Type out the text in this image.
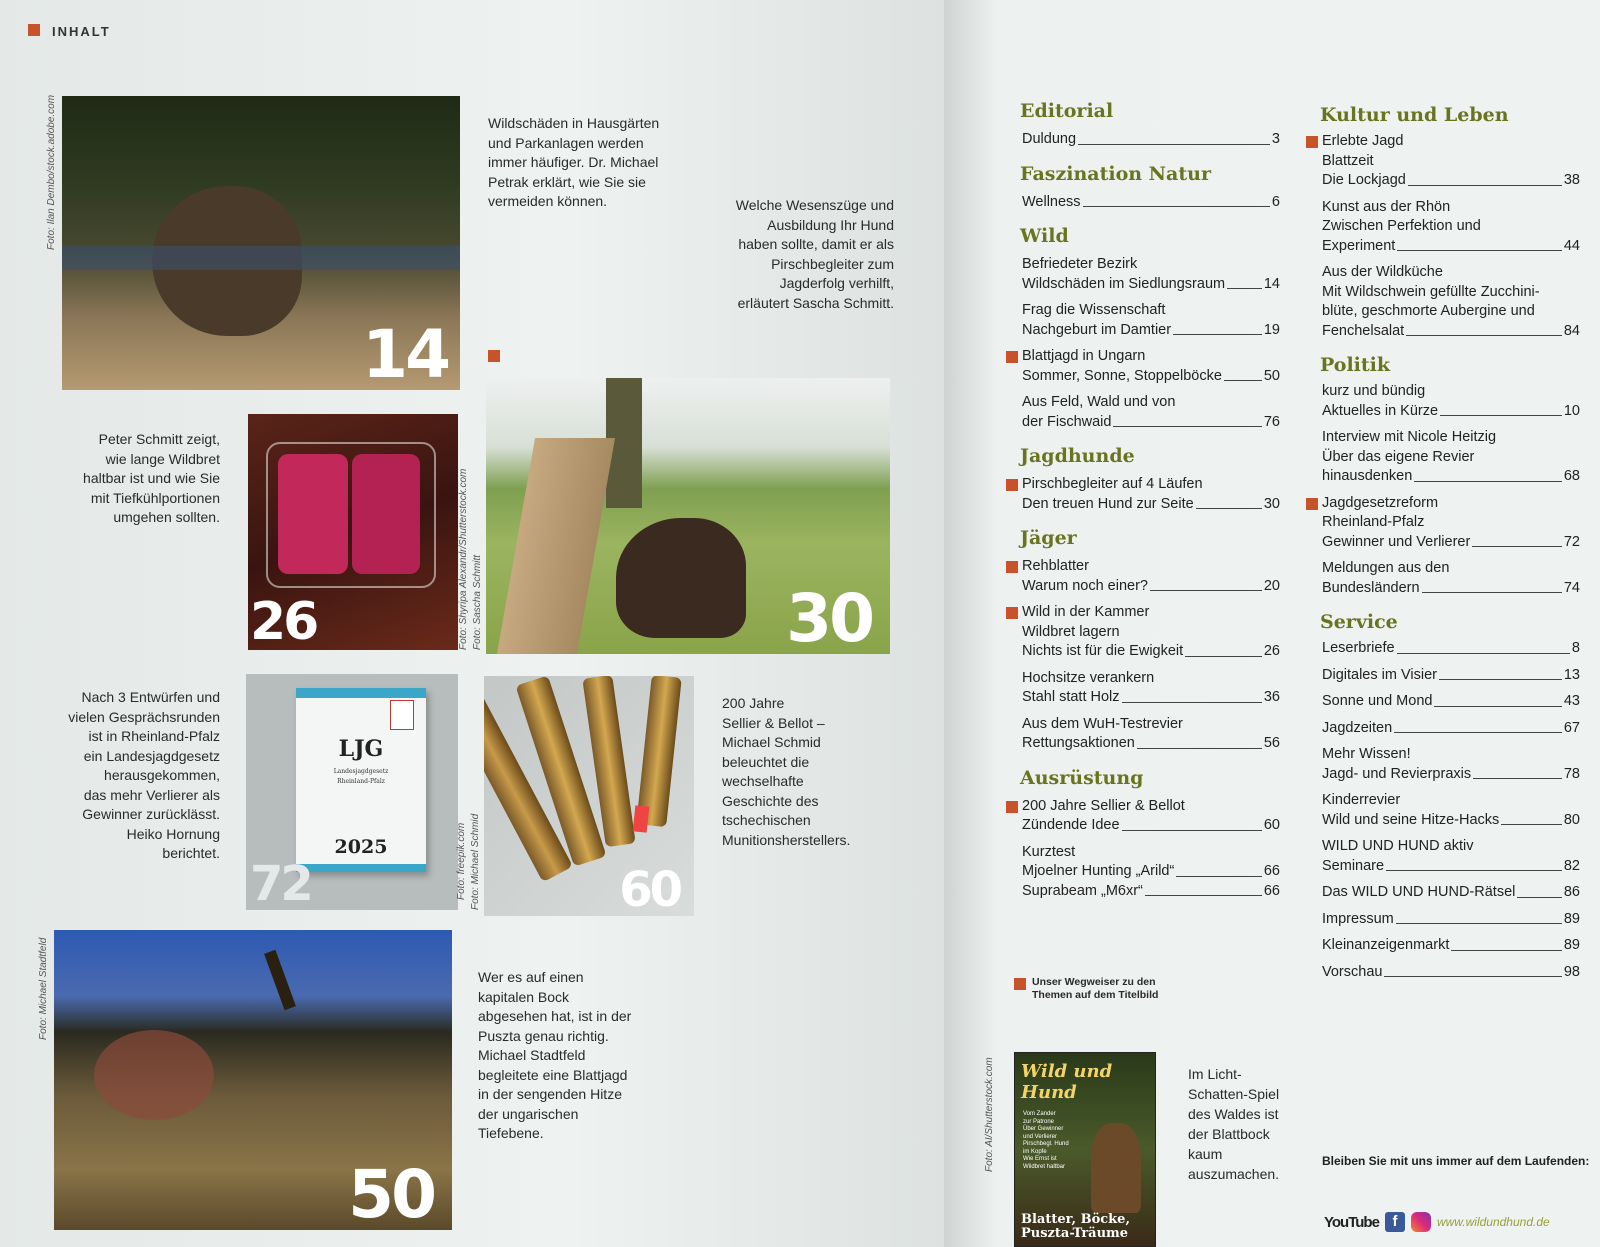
INHALT
14
Foto: Ilan Dembo/stock.adobe.com	Wildschäden in Hausgärten
und Parkanlagen werden
immer häufiger. Dr. Michael
Petrak erklärt, wie Sie sie
vermeiden können.	Welche Wesenszüge und
Ausbildung Ihr Hund
haben sollte, damit er als
Pirschbegleiter zum
Jagderfolg verhilft,
erläutert Sascha Schmitt.
26
Peter Schmitt zeigt,
wie lange Wildbret
haltbar ist und wie Sie
mit Tiefkühlportionen
umgehen sollten.
30
Foto: Shyripa Alexandr/Shutterstock.com Foto: Sascha Schmitt
LJG
Landesjagdgesetz
Rheinland-Pfalz
2025
72	Foto: freepik.com
Nach 3 Entwürfen und
vielen Gesprächsrunden
ist in Rheinland-Pfalz
ein Landesjagdgesetz
herausgekommen,
das mehr Verlierer als
Gewinner zurücklässt.
Heiko Hornung
berichtet.
60
Foto: Michael Schmid
200 Jahre
Sellier & Bellot –
Michael Schmid
beleuchtet die
wechselhafte
Geschichte des
tschechischen
Munitionsherstellers.
50
Foto: Michael Stadtfeld	Wer es auf einen
kapitalen Bock
abgesehen hat, ist in der
Puszta genau richtig.
Michael Stadtfeld
begleitete eine Blattjagd
in der sengenden Hitze
der ungarischen
Tiefebene.
Editorial
Duldung	3
Faszination Natur
Wellness	6
Wild
Befriedeter Bezirk
Wildschäden im Siedlungsraum	14
Frag die Wissenschaft
Nachgeburt im Damtier	19
Blattjagd in Ungarn
Sommer, Sonne, Stoppelböcke	50
Aus Feld, Wald und von
der Fischwaid	76
Jagdhunde
Pirschbegleiter auf 4 Läufen
Den treuen Hund zur Seite	30
Jäger
Rehblatter
Warum noch einer?	20
Wild in der Kammer
Wildbret lagern
Nichts ist für die Ewigkeit	26
Hochsitze verankern
Stahl statt Holz	36
Aus dem WuH-Testrevier
Rettungsaktionen	56
Ausrüstung
200 Jahre Sellier & Bellot
Zündende Idee	60
Kurztest
Mjoelner Hunting „Arild“	66
Suprabeam „M6xr“	66
Kultur und Leben
Erlebte Jagd
Blattzeit
Die Lockjagd	38
Kunst aus der Rhön
Zwischen Perfektion und
Experiment	44
Aus der Wildküche
Mit Wildschwein gefüllte Zucchini-
blüte, geschmorte Aubergine und
Fenchelsalat	84
Politik
kurz und bündig
Aktuelles in Kürze	10
Interview mit Nicole Heitzig
Über das eigene Revier
hinausdenken	68
Jagdgesetzreform
Rheinland-Pfalz
Gewinner und Verlierer	72
Meldungen aus den
Bundesländern	74
Service
Leserbriefe	8
Digitales im Visier	13
Sonne und Mond	43
Jagdzeiten	67
Mehr Wissen!
Jagd- und Revierpraxis	78
Kinderrevier
Wild und seine Hitze-Hacks	80
WILD UND HUND aktiv
Seminare	82
Das WILD UND HUND-Rätsel	86
Impressum	89
Kleinanzeigenmarkt	89
Vorschau	98
Unser Wegweiser zu den
Themen auf dem Titelbild
Foto: AI/Shutterstock.com Wild und Hund
Vom Zander
zur Patrone
Über Gewinner
und Verlierer
Pirschbegl. Hund
im Kopfe
Wie Ernst ist
Wildbret haltbar
Blatter, Böcke,
Puszta-Träume
Im Licht-
Schatten-Spiel
des Waldes ist
der Blattbock
kaum
auszumachen.
Bleiben Sie mit uns immer auf dem Laufenden:
YouTube f	www.wildundhund.de
